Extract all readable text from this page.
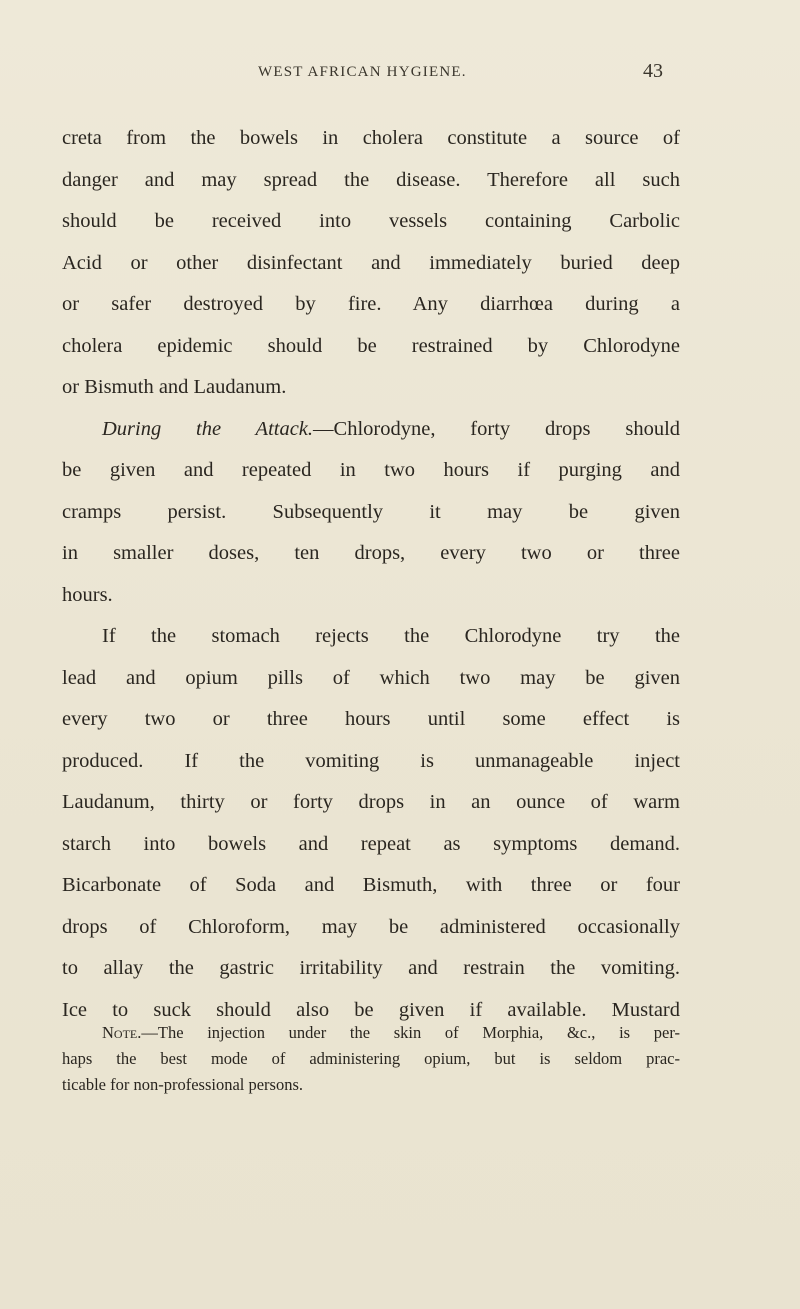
WEST AFRICAN HYGIENE.	43
creta from the bowels in cholera constitute a source of
danger and may spread the disease. Therefore all such
should be received into vessels containing Carbolic
Acid or other disinfectant and immediately buried deep
or safer destroyed by fire. Any diarrhœa during a
cholera epidemic should be restrained by Chlorodyne
or Bismuth and Laudanum.
During the Attack.—Chlorodyne, forty drops should
be given and repeated in two hours if purging and
cramps persist. Subsequently it may be given
in smaller doses, ten drops, every two or three
hours.
If the stomach rejects the Chlorodyne try the
lead and opium pills of which two may be given
every two or three hours until some effect is
produced. If the vomiting is unmanageable inject
Laudanum, thirty or forty drops in an ounce of warm
starch into bowels and repeat as symptoms demand.
Bicarbonate of Soda and Bismuth, with three or four
drops of Chloroform, may be administered occasionally
to allay the gastric irritability and restrain the vomiting.
Ice to suck should also be given if available. Mustard
Note.—The injection under the skin of Morphia, &c., is per-
haps the best mode of administering opium, but is seldom prac-
ticable for non-professional persons.
